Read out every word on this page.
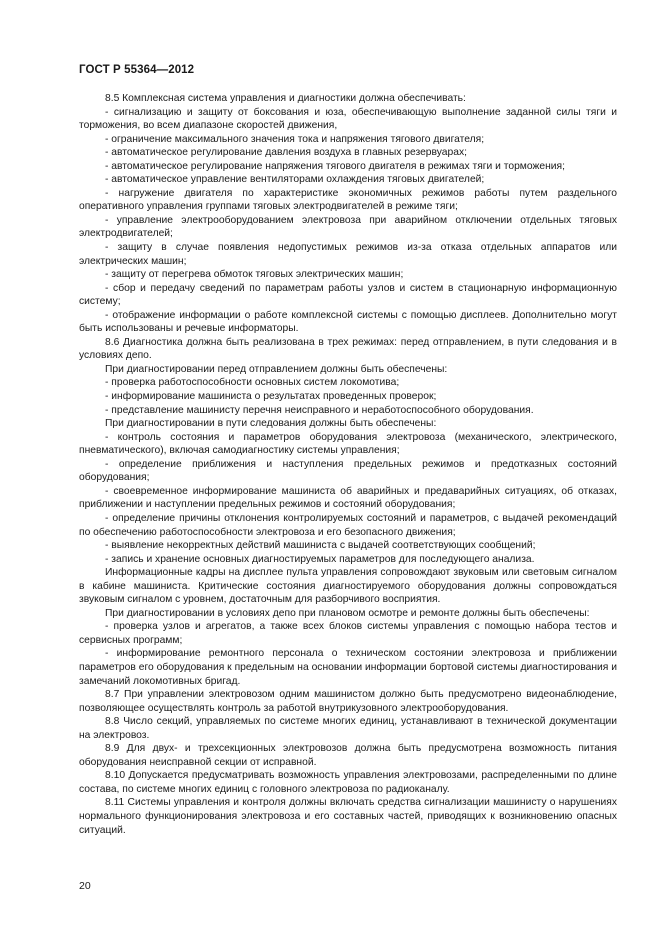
ГОСТ Р 55364—2012

8.5 Комплексная система управления и диагностики должна обеспечивать:

- сигнализацию и защиту от боксования и юза, обеспечивающую выполнение заданной силы тяги и торможения, во всем диапазоне скоростей движения,

- ограничение максимального значения тока и напряжения тягового двигателя;

- автоматическое регулирование давления воздуха в главных резервуарах;

- автоматическое регулирование напряжения тягового двигателя в режимах тяги и торможения;

- автоматическое управление вентиляторами охлаждения тяговых двигателей;

- нагружение двигателя по характеристике экономичных режимов работы путем раздельного оперативного управления группами тяговых электродвигателей в режиме тяги;

- управление электрооборудованием электровоза при аварийном отключении отдельных тяговых электродвигателей;

- защиту в случае появления недопустимых режимов из-за отказа отдельных аппаратов или электрических машин;

- защиту от перегрева обмоток тяговых электрических машин;

- сбор и передачу сведений по параметрам работы узлов и систем в стационарную информационную систему;

- отображение информации о работе комплексной системы с помощью дисплеев. Дополнительно могут быть использованы и речевые информаторы.

8.6 Диагностика должна быть реализована в трех режимах: перед отправлением, в пути следования и в условиях депо.

При диагностировании перед отправлением должны быть обеспечены:

- проверка работоспособности основных систем локомотива;

- информирование машиниста о результатах проведенных проверок;

- представление машинисту перечня неисправного и неработоспособного оборудования.

При диагностировании в пути следования должны быть обеспечены:

- контроль состояния и параметров оборудования электровоза (механического, электрического, пневматического), включая самодиагностику системы управления;

- определение приближения и наступления предельных режимов и предотказных состояний оборудования;

- своевременное информирование машиниста об аварийных и предаварийных ситуациях, об отказах, приближении и наступлении предельных режимов и состояний оборудования;

- определение причины отклонения контролируемых состояний и параметров, с выдачей рекомендаций по обеспечению работоспособности электровоза и его безопасного движения;

- выявление некорректных действий машиниста с выдачей соответствующих сообщений;

- запись и хранение основных диагностируемых параметров для последующего анализа.

Информационные кадры на дисплее пульта управления сопровождают звуковым или световым сигналом в кабине машиниста. Критические состояния диагностируемого оборудования должны сопровождаться звуковым сигналом с уровнем, достаточным для разборчивого восприятия.

При диагностировании в условиях депо при плановом осмотре и ремонте должны быть обеспечены:

- проверка узлов и агрегатов, а также всех блоков системы управления с помощью набора тестов и сервисных программ;

- информирование ремонтного персонала о техническом состоянии электровоза и приближении параметров его оборудования к предельным на основании информации бортовой системы диагностирования и замечаний локомотивных бригад.

8.7 При управлении электровозом одним машинистом должно быть предусмотрено видеонаблюдение, позволяющее осуществлять контроль за работой внутрикузовного электрооборудования.

8.8 Число секций, управляемых по системе многих единиц, устанавливают в технической документации на электровоз.

8.9 Для двух- и трехсекционных электровозов должна быть предусмотрена возможность питания оборудования неисправной секции от исправной.

8.10 Допускается предусматривать возможность управления электровозами, распределенными по длине состава, по системе многих единиц с головного электровоза по радиоканалу.

8.11 Системы управления и контроля должны включать средства сигнализации машинисту о нарушениях нормального функционирования электровоза и его составных частей, приводящих к возникновению опасных ситуаций.

20
